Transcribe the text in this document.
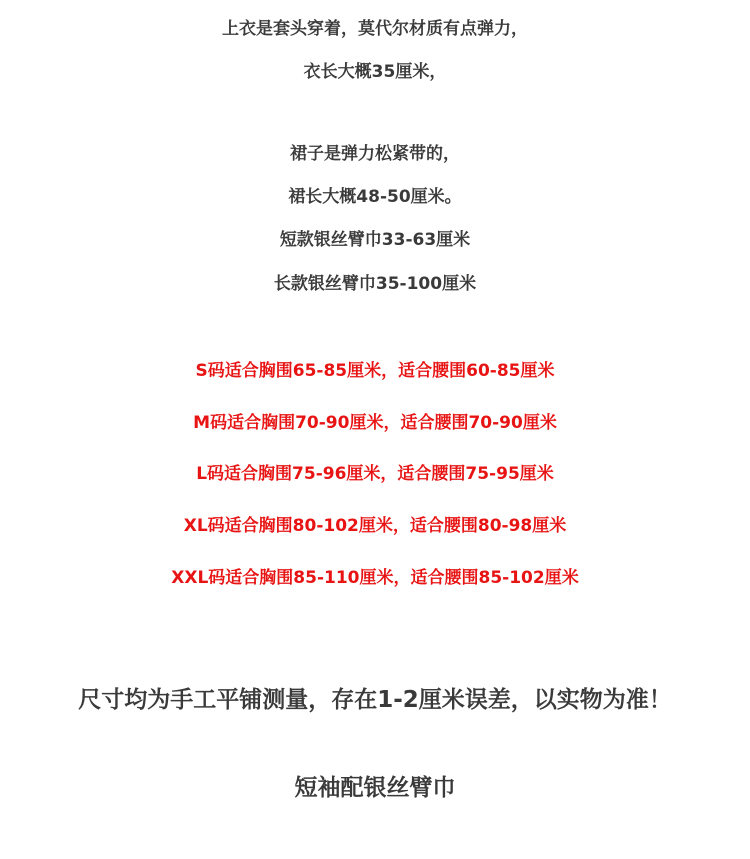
上衣是套头穿着，莫代尔材质有点弹力，
衣长大概35厘米，
裙子是弹力松紧带的，
裙长大概48-50厘米。
短款银丝臂巾33-63厘米
长款银丝臂巾35-100厘米
S码适合胸围65-85厘米，适合腰围60-85厘米
M码适合胸围70-90厘米，适合腰围70-90厘米
L码适合胸围75-96厘米，适合腰围75-95厘米
XL码适合胸围80-102厘米，适合腰围80-98厘米
XXL码适合胸围85-110厘米，适合腰围85-102厘米
尺寸均为手工平铺测量，存在1-2厘米误差，以实物为准！
短袖配银丝臂巾
